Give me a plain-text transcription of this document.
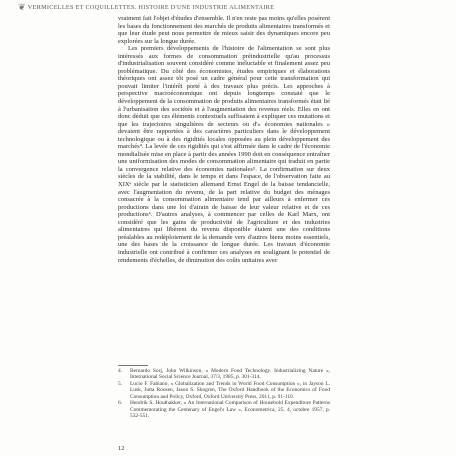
❦ VERMICELLES ET COQUILLETTES. HISTOIRE D'UNE INDUSTRIE ALIMENTAIRE

vraiment fait l'objet d'études d'ensemble. Il n'en reste pas moins qu'elles posèrent les bases du fonctionnement des marchés de produits alimentaires transformés et que leur étude peut nous permettre de mieux saisir des dynamiques encore peu explorées sur la longue durée.

Les premiers développements de l'histoire de l'alimentation se sont plus intéressés aux formes de consommation préindustrielle qu'au processus d'industrialisation souvent considéré comme inéluctable et finalement assez peu problématique. Du côté des économistes, études empiriques et élaborations théoriques ont assez tôt posé un cadre général pour cette transformation qui pouvait limiter l'intérêt porté à des travaux plus précis. Les approches à perspective macroéconomique ont depuis longtemps constaté que le développement de la consommation de produits alimentaires transformés était lié à l'urbanisation des sociétés et à l'augmentation des revenus réels. Elles en ont donc déduit que ces éléments contextuels suffisaient à expliquer ces mutations et que les trajectoires singulières de secteurs ou d'« économies nationales » devaient être rapportées à des caractères particuliers dans le développement technologique ou à des rigidités locales opposées au plein développement des marchés⁴. La levée de ces rigidités qui s'est affirmée dans le cadre de l'économie mondialisée mise en place à partir des années 1990 doit en conséquence entraîner une uniformisation des modes de consommation alimentaire qui traduit en partie la convergence relative des économies nationales⁵. La confirmation sur deux siècles de la stabilité, dans le temps et dans l'espace, de l'observation faite au XIXᵉ siècle par le statisticien allemand Ernst Engel de la baisse tendancielle, avec l'augmentation du revenu, de la part relative du budget des ménages consacrée à la consommation alimentaire tend par ailleurs à enfermer ces productions dans une loi d'airain de baisse de leur valeur relative et de ces productions⁶. D'autres analyses, à commencer par celles de Karl Marx, ont considéré que les gains de productivité de l'agriculture et des industries alimentaires qui libèrent du revenu disponible étaient une des conditions préalables au redéploiement de la demande vers d'autres biens moins essentiels, une des bases de la croissance de longue durée. Les travaux d'économie industrielle ont contribué à confirmer ces analyses en soulignant le potentiel de rendements d'échelles, de diminution des coûts unitaires avec

4.	Bernardo Sorj, John Wilkinson, « Modern Food Technology. Industrializing Nature », International Social Science Journal, 37/3, 1985, p. 301-314.
5.	Lucio F. Fabiano, « Globalization and Trends in World Food Consumption », in Jayson L. Lusk, Jutta Roosen, Jason S. Shogren, The Oxford Handbook of the Economics of Food Consumption and Policy, Oxford, Oxford University Press, 2011, p. 91-110.
6.	Hendrik S. Houthakker, « An International Comparison of Household Expenditure Patterns Commemorating the Centenary of Engel's Law », Econometrica, 25, 4, octobre 1957, p. 532-551.
12
